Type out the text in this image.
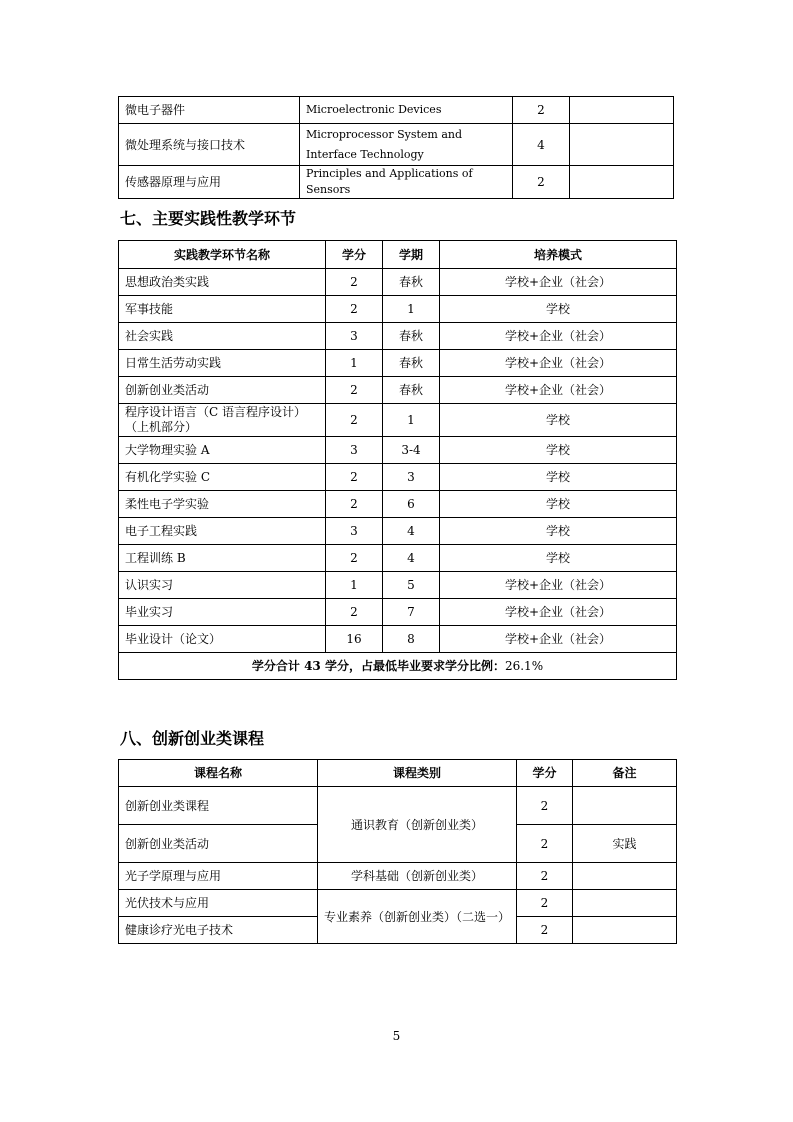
微电子器件	Microelectronic Devices	2	
微处理系统与接口技术	Microprocessor System and Interface Technology	4	
传感器原理与应用	Principles and Applications of Sensors	2	
七、主要实践性教学环节
实践教学环节名称	学分	学期	培养模式
思想政治类实践	2	春秋	学校+企业（社会）
军事技能	2	1	学校
社会实践	3	春秋	学校+企业（社会）
日常生活劳动实践	1	春秋	学校+企业（社会）
创新创业类活动	2	春秋	学校+企业（社会）
程序设计语言（C 语言程序设计）（上机部分）	2	1	学校
大学物理实验 A	3	3-4	学校
有机化学实验 C	2	3	学校
柔性电子学实验	2	6	学校
电子工程实践	3	4	学校
工程训练 B	2	4	学校
认识实习	1	5	学校+企业（社会）
毕业实习	2	7	学校+企业（社会）
毕业设计（论文）	16	8	学校+企业（社会）
学分合计 43 学分，占最低毕业要求学分比例：26.1%			
八、创新创业类课程
课程名称	课程类别	学分	备注
创新创业类课程	通识教育（创新创业类）	2	
创新创业类活动		2	实践
光子学原理与应用	学科基础（创新创业类）	2	
光伏技术与应用	专业素养（创新创业类）（二选一）	2	
健康诊疗光电子技术		2	
5
